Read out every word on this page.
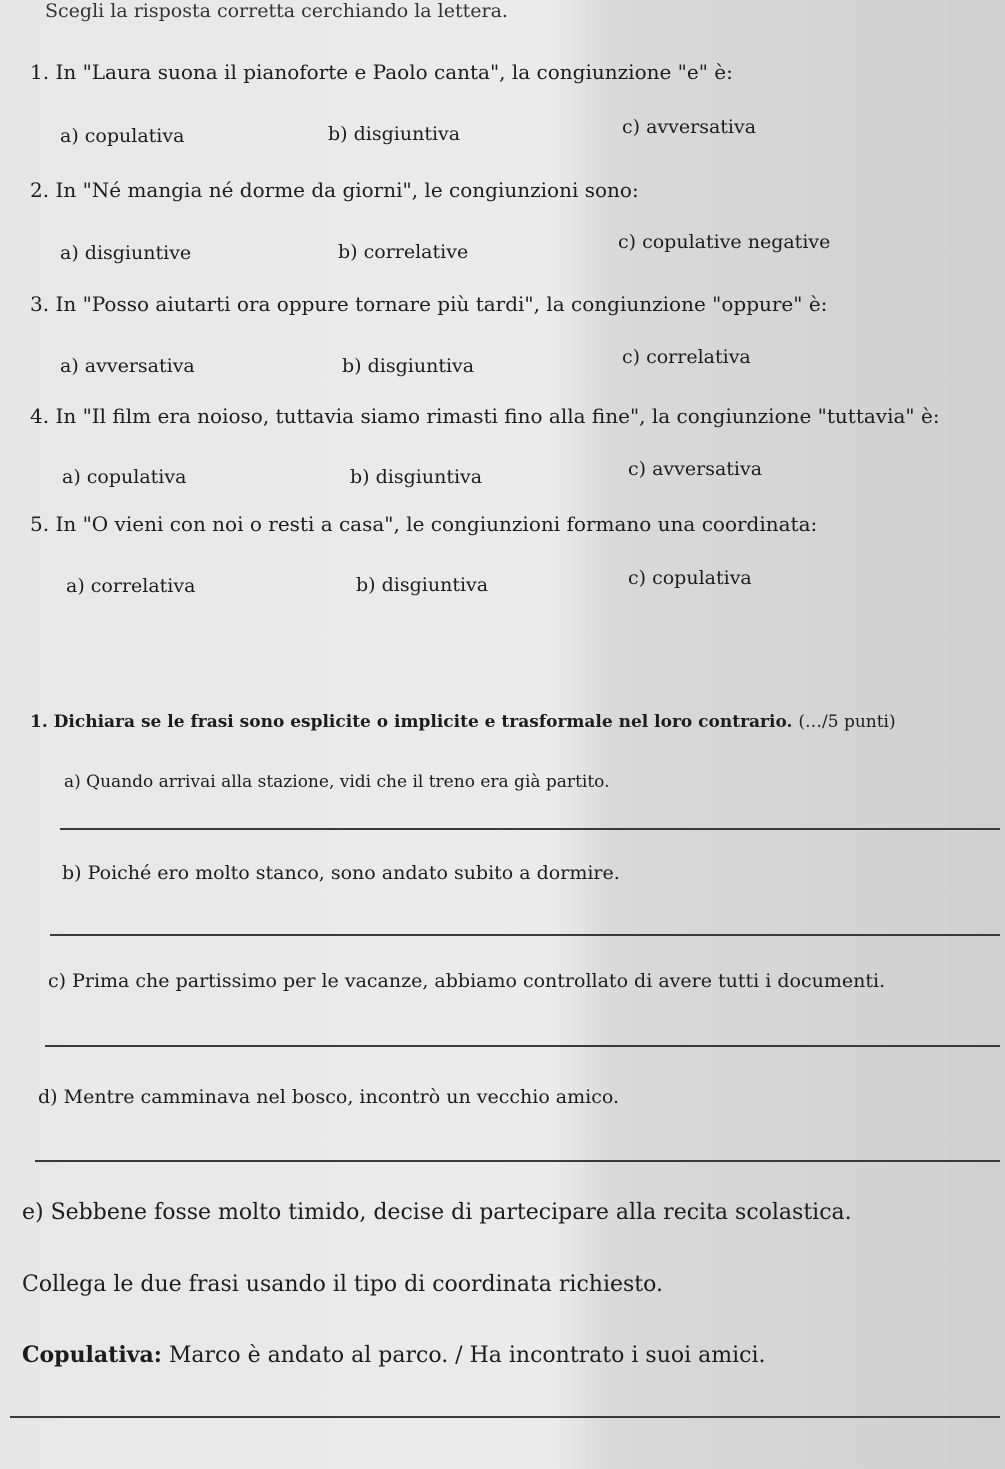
Scegli la risposta corretta cerchiando la lettera.
1. In "Laura suona il pianoforte e Paolo canta", la congiunzione "e" è:
a) copulativa	b) disgiuntiva	c) avversativa
2. In "Né mangia né dorme da giorni", le congiunzioni sono:
a) disgiuntive	b) correlative	c) copulative negative
3. In "Posso aiutarti ora oppure tornare più tardi", la congiunzione "oppure" è:
a) avversativa	b) disgiuntiva	c) correlativa
4. In "Il film era noioso, tuttavia siamo rimasti fino alla fine", la congiunzione "tuttavia" è:
a) copulativa	b) disgiuntiva	c) avversativa
5. In "O vieni con noi o resti a casa", le congiunzioni formano una coordinata:
a) correlativa	b) disgiuntiva	c) copulativa
1. Dichiara se le frasi sono esplicite o implicite e trasformale nel loro contrario. (…/5 punti)
a) Quando arrivai alla stazione, vidi che il treno era già partito.
b) Poiché ero molto stanco, sono andato subito a dormire.
c) Prima che partissimo per le vacanze, abbiamo controllato di avere tutti i documenti.
d) Mentre camminava nel bosco, incontrò un vecchio amico.
e) Sebbene fosse molto timido, decise di partecipare alla recita scolastica.
Collega le due frasi usando il tipo di coordinata richiesto.
Copulativa: Marco è andato al parco. / Ha incontrato i suoi amici.
